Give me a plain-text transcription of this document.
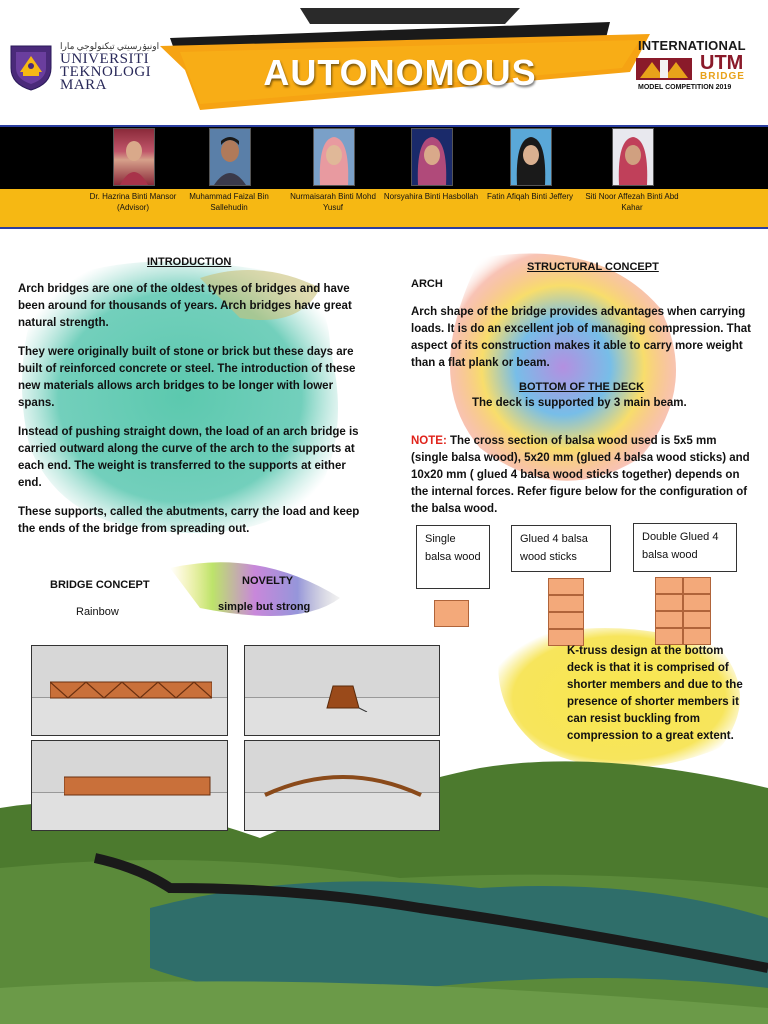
اونيۏرسيتي تيكنولوجي مارا
UNIVERSITI
TEKNOLOGI
MARA	AUTONOMOUS
INTERNATIONAL
UTM
BRIDGE
MODEL COMPETITION 2019
Dr. Hazrina Binti Mansor (Advisor)
Muhammad Faizal Bin Sallehudin
Nurmaisarah Binti Mohd Yusuf
Norsyahira Binti Hasbollah	Fatin Afiqah Binti Jeffery	Siti Noor Affezah Binti Abd Kahar
INTRODUCTION
Arch bridges are one of the oldest types of bridges and have been around for thousands of years. Arch bridges have great natural strength.
They were originally built of stone or brick but these days are built of reinforced concrete or steel. The introduction of these new materials allows arch bridges to be longer with lower spans.
Instead of pushing straight down, the load of an arch bridge is carried outward along the curve of the arch to the supports at each end. The weight is transferred to the supports at either end.
These supports, called the abutments, carry the load and keep the ends of the bridge from spreading out.
BRIDGE CONCEPT
Rainbow
NOVELTY
simple but strong
STRUCTURAL CONCEPT
ARCH
Arch shape of the bridge provides advantages when carrying loads. It is do an excellent job of managing compression. That aspect of its construction makes it able to carry more weight than a flat plank or beam.
BOTTOM OF THE DECK
The deck is supported by 3 main beam.
NOTE: The cross section of balsa wood used is 5x5 mm (single balsa wood), 5x20 mm (glued 4 balsa wood sticks) and 10x20 mm ( glued 4 balsa wood sticks together) depends on the internal forces. Refer figure below for the configuration of the balsa wood.
Single balsa wood
Glued 4 balsa wood sticks
Double Glued 4 balsa wood
K-truss design at the bottom deck is that it is comprised of shorter members and due to the presence of shorter members it can resist buckling from compression to a great extent.
